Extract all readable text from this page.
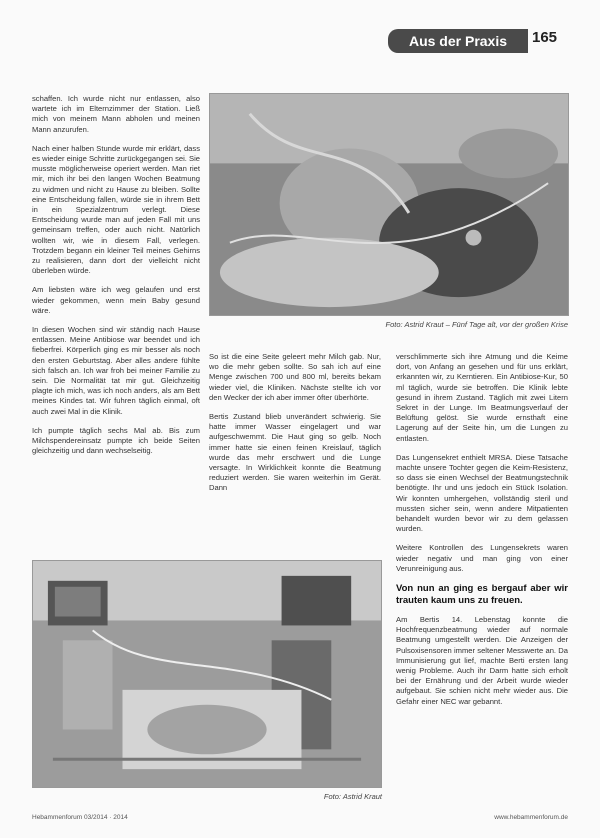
Aus der Praxis 165
Foto: Astrid Kraut – Fünf Tage alt, vor der großen Krise

schaffen. Ich wurde nicht nur entlassen, also wartete ich im Elternzimmer der Station. Ließ mich von meinem Mann abholen und meinen Mann anzurufen.

Nach einer halben Stunde wurde mir erklärt, dass es wieder einige Schritte zurückgegangen sei. Sie musste möglicherweise operiert werden. Man riet mir, mich ihr bei den langen Wochen Beatmung zu widmen und nicht zu Hause zu bleiben. Sollte eine Entscheidung fallen, würde sie in ihrem Bett in ein Spezialzentrum verlegt. Diese Entscheidung wurde man auf jeden Fall mit uns gemeinsam treffen, oder auch nicht. Natürlich wollten wir, wie in diesem Fall, verlegen. Trotzdem begann ein kleiner Teil meines Gehirns zu realisieren, dann dort der vielleicht nicht überleben würde.

Am liebsten wäre ich weg gelaufen und erst wieder gekommen, wenn mein Baby gesund wäre.

In diesen Wochen sind wir ständig nach Hause entlassen. Meine Antibiose war beendet und ich fieberfrei. Körperlich ging es mir besser als noch den ersten Geburtstag. Aber alles andere fühlte sich falsch an. Ich war froh bei meiner Familie zu sein. Die Normalität tat mir gut. Gleichzeitig plagte ich mich, was ich noch anders, als am Bett meines Kindes tat. Wir fuhren täglich einmal, oft auch zwei Mal in die Klinik.

Ich pumpte täglich sechs Mal ab. Bis zum Milchspendereinsatz pumpte ich beide Seiten gleichzeitig und dann wechselseitig.

So ist die eine Seite geleert mehr Milch gab. Nur, wo die mehr geben sollte. So sah ich auf eine Menge zwischen 700 und 800 ml, bereits bekam wieder viel, die Kliniken. Nächste stellte ich vor den Wecker der ich aber immer öfter überhörte.

Bertis Zustand blieb unverändert schwierig. Sie hatte immer Wasser eingelagert und war aufgeschwemmt. Die Haut ging so gelb. Noch immer hatte sie einen feinen Kreislauf, täglich wurde das mehr erschwert und die Lunge versagte. In Wirklichkeit konnte die Beatmung reduziert werden. Sie waren weiterhin im Gerät. Dann

verschlimmerte sich ihre Atmung und die Keime dort, von Anfang an gesehen und für uns erklärt, erkannten wir, zu Kerntieren. Ein Antibiose-Kur, 50 ml täglich, wurde sie betroffen. Die Klinik lebte gesund in ihrem Zustand. Täglich mit zwei Litern Sekret in der Lunge. Im Beatmungsverlauf der Belüftung gelöst. Sie wurde ernsthaft eine Lagerung auf der Seite hin, um die Lungen zu entlasten.

Das Lungensekret enthielt MRSA. Diese Tatsache machte unsere Tochter gegen die Keim-Resistenz, so dass sie einen Wechsel der Beatmungstechnik benötigte. Ihr und uns jedoch ein Stück Isolation. Wir konnten umhergehen, vollständig steril und mussten sicher sein, wenn andere Mitpatienten behandelt wurden bevor wir zu dem gelassen wurden.

Weitere Kontrollen des Lungensekrets waren wieder negativ und man ging von einer Verunreinigung aus.

Von nun an ging es bergauf aber wir trauten kaum uns zu freuen.

Am Bertis 14. Lebenstag konnte die Hochfrequenzbeatmung wieder auf normale Beatmung umgestellt werden. Die Anzeigen der Pulsoxisensoren immer seltener Messwerte an. Da Immunisierung gut lief, machte Berti ersten lang wenig Probleme. Auch ihr Darm hatte sich erholt bei der Ernährung und der Arbeit wurde wieder aufgebaut. Sie schien nicht mehr wieder aus. Die Gefahr einer NEC war gebannt.

Foto: Astrid Kraut
Hebammenforum 03/2014 · 2014	www.hebammenforum.de
